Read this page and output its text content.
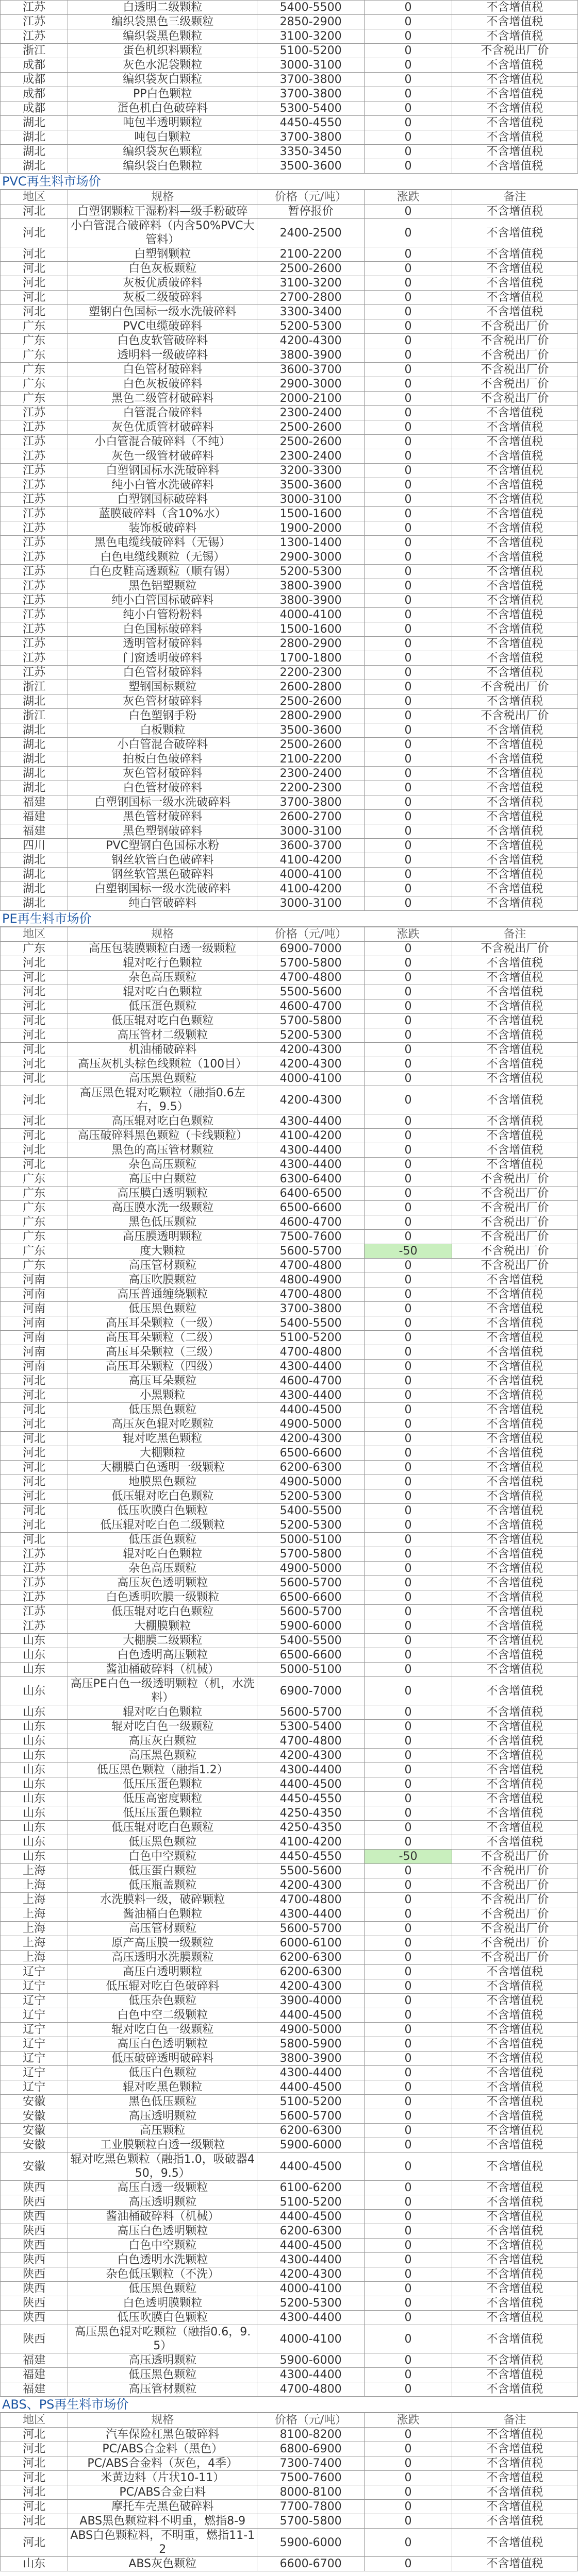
江苏	白透明二级颗粒	5400-5500	0	不含增值税
江苏	编织袋黑色三级颗粒	2850-2900	0	不含增值税
江苏	编织袋黑色颗粒	3100-3200	0	不含增值税
浙江	蛋色机织料颗粒	5100-5200	0	不含税出厂价
成都	灰色水泥袋颗粒	3000-3100	0	不含增值税
成都	编织袋灰白颗粒	3700-3800	0	不含增值税
成都	PP白色颗粒	3700-3800	0	不含增值税
成都	蛋色机白色破碎料	5300-5400	0	不含增值税
湖北	吨包半透明颗粒	4450-4550	0	不含增值税
湖北	吨包白颗粒	3700-3800	0	不含增值税
湖北	编织袋灰色颗粒	3350-3450	0	不含增值税
湖北	编织袋白色颗粒	3500-3600	0	不含增值税
PVC再生料市场价
地区	规格	价格（元/吨）	涨跌	备注
河北	白塑钢颗粒干湿粉料—级手粉破碎	暂停报价	0	不含增值税
河北	小白管混合破碎料（内含50%PVC大管料）	2400-2500	0	不含增值税
河北	白塑钢颗粒	2100-2200	0	不含增值税
河北	白色灰板颗粒	2500-2600	0	不含增值税
河北	灰板优质破碎料	3100-3200	0	不含增值税
河北	灰板二级破碎料	2700-2800	0	不含增值税
河北	塑钢白色国标一级水洗破碎料	3300-3400	0	不含增值税
广东	PVC电缆破碎料	5200-5300	0	不含税出厂价
广东	白色皮软管破碎料	4200-4300	0	不含税出厂价
广东	透明料一级破碎料	3800-3900	0	不含税出厂价
广东	白色管材破碎料	3600-3700	0	不含税出厂价
广东	白色灰板破碎料	2900-3000	0	不含税出厂价
广东	黑色二级管材破碎料	2000-2100	0	不含税出厂价
江苏	白管混合破碎料	2300-2400	0	不含增值税
江苏	灰色优质管材破碎料	2500-2600	0	不含增值税
江苏	小白管混合破碎料（不纯）	2500-2600	0	不含增值税
江苏	灰色一级管材破碎料	2300-2400	0	不含增值税
江苏	白塑钢国标水洗破碎料	3200-3300	0	不含增值税
江苏	纯小白管水洗破碎料	3500-3600	0	不含增值税
江苏	白塑钢国标破碎料	3000-3100	0	不含增值税
江苏	蓝膜破碎料（含10%水）	1500-1600	0	不含增值税
江苏	装饰板破碎料	1900-2000	0	不含增值税
江苏	黑色电缆线破碎料（无锡）	1300-1400	0	不含增值税
江苏	白色电缆线颗粒（无锡）	2900-3000	0	不含增值税
江苏	白色皮鞋高透颗粒（顺有锡）	5200-5300	0	不含增值税
江苏	黑色铝塑颗粒	3800-3900	0	不含增值税
江苏	纯小白管国标破碎料	3800-3900	0	不含增值税
江苏	纯小白管粉粉料	4000-4100	0	不含增值税
江苏	白色国标破碎料	1500-1600	0	不含增值税
江苏	透明管材破碎料	2800-2900	0	不含增值税
江苏	门窗透明破碎料	1700-1800	0	不含增值税
江苏	白色管材破碎料	2200-2300	0	不含增值税
浙江	塑钢国标颗粒	2600-2800	0	不含税出厂价
湖北	灰色管材破碎料	2500-2600	0	不含增值税
浙江	白色塑钢手粉	2800-2900	0	不含税出厂价
湖北	白板颗粒	3500-3600	0	不含增值税
湖北	小白管混合破碎料	2500-2600	0	不含增值税
湖北	拍板白色破碎料	2100-2200	0	不含增值税
湖北	灰色管材破碎料	2300-2400	0	不含增值税
湖北	白色管材破碎料	2200-2300	0	不含增值税
福建	白塑钢国标一级水洗破碎料	3700-3800	0	不含增值税
福建	黑色管材破碎料	2600-2700	0	不含增值税
福建	黑色塑钢破碎料	3000-3100	0	不含增值税
四川	PVC塑钢白色国标水粉	3600-3700	0	不含增值税
湖北	钢丝软管白色破碎料	4100-4200	0	不含增值税
湖北	钢丝软管黑色破碎料	4000-4100	0	不含增值税
湖北	白塑钢国标一级水洗破碎料	4100-4200	0	不含增值税
湖北	纯白管破碎料	3000-3100	0	不含增值税
PE再生料市场价
地区	规格	价格（元/吨）	涨跌	备注
广东	高压包装膜颗粒白透一级颗粒	6900-7000	0	不含税出厂价
河北	辊对吃行色颗粒	5700-5800	0	不含增值税
河北	杂色高压颗粒	4700-4800	0	不含增值税
河北	辊对吃白色颗粒	5500-5600	0	不含增值税
河北	低压蛋色颗粒	4600-4700	0	不含增值税
河北	低压辊对吃白色颗粒	5700-5800	0	不含增值税
河北	高压管材二级颗粒	5200-5300	0	不含增值税
河北	机油桶破碎料	4200-4300	0	不含增值税
河北	高压灰机头棕色线颗粒（100目）	4200-4300	0	不含增值税
河北	高压黑色颗粒	4000-4100	0	不含增值税
河北	高压黑色辊对吃颗粒（融指0.6左右，9.5）	4200-4300	0	不含增值税
河北	高压辊对吃白色颗粒	4300-4400	0	不含增值税
河北	高压破碎料黑色颗粒（卡线颗粒）	4100-4200	0	不含增值税
河北	黑色的高压管材颗粒	4300-4400	0	不含增值税
河北	杂色高压颗粒	4300-4400	0	不含增值税
广东	高压中白颗粒	6300-6400	0	不含税出厂价
广东	高压膜白透明颗粒	6400-6500	0	不含税出厂价
广东	高压膜水洗一级颗粒	6500-6600	0	不含税出厂价
广东	黑色低压颗粒	4600-4700	0	不含税出厂价
广东	高压膜透明颗粒	7500-7600	0	不含税出厂价
广东	度大颗粒	5600-5700	-50	不含税出厂价
广东	高压管材颗粒	4700-4800	0	不含税出厂价
河南	高压吹膜颗粒	4800-4900	0	不含增值税
河南	高压普通缠绕颗粒	4700-4800	0	不含增值税
河南	低压黑色颗粒	3700-3800	0	不含增值税
河南	高压耳朵颗粒（一级）	5400-5500	0	不含增值税
河南	高压耳朵颗粒（二级）	5100-5200	0	不含增值税
河南	高压耳朵颗粒（三级）	4700-4800	0	不含增值税
河南	高压耳朵颗粒（四级）	4300-4400	0	不含增值税
河北	高压耳朵颗粒	4600-4700	0	不含增值税
河北	小黑颗粒	4300-4400	0	不含增值税
河北	低压黑色颗粒	4400-4500	0	不含增值税
河北	高压灰色辊对吃颗粒	4900-5000	0	不含增值税
河北	辊对吃黑色颗粒	4200-4300	0	不含增值税
河北	大棚颗粒	6500-6600	0	不含增值税
河北	大棚膜白色透明一级颗粒	6200-6300	0	不含增值税
河北	地膜黑色颗粒	4900-5000	0	不含增值税
河北	低压辊对吃白色颗粒	5200-5300	0	不含增值税
河北	低压吹膜白色颗粒	5400-5500	0	不含增值税
河北	低压辊对吃白色二级颗粒	5200-5300	0	不含增值税
河北	低压蛋色颗粒	5000-5100	0	不含增值税
江苏	辊对吃白色颗粒	5700-5800	0	不含增值税
江苏	杂色高压颗粒	4900-5000	0	不含增值税
江苏	高压灰色透明颗粒	5600-5700	0	不含增值税
江苏	白色透明吹膜一级颗粒	6500-6600	0	不含增值税
江苏	低压辊对吃白色颗粒	5600-5700	0	不含增值税
江苏	大棚膜颗粒	5900-6000	0	不含增值税
山东	大棚膜二级颗粒	5400-5500	0	不含增值税
山东	白色透明高压颗粒	6500-6600	0	不含增值税
山东	酱油桶破碎料（机械）	5000-5100	0	不含增值税
山东	高压PE白色一级透明颗粒（机，水洗料）	6900-7000	0	不含增值税
山东	辊对吃白色颗粒	5600-5700	0	不含增值税
山东	辊对吃白色一级颗粒	5300-5400	0	不含增值税
山东	高压灰白颗粒	4700-4800	0	不含增值税
山东	高压黑色颗粒	4200-4300	0	不含增值税
山东	低压黑色颗粒（融指1.2）	4300-4400	0	不含增值税
山东	低压压蛋色颗粒	4400-4500	0	不含增值税
山东	低压高密度颗粒	4450-4550	0	不含增值税
山东	低压压蛋色颗粒	4250-4350	0	不含增值税
山东	低压辊对吃白色颗粒	4250-4350	0	不含增值税
山东	低压黑色颗粒	4100-4200	0	不含增值税
山东	白色中空颗粒	4450-4550	-50	不含税出厂价
上海	低压蛋白颗粒	5500-5600	0	不含税出厂价
上海	低压瓶盖颗粒	4200-4300	0	不含税出厂价
上海	水洗膜料一级，破碎颗粒	4700-4800	0	不含税出厂价
上海	酱油桶白色颗粒	4300-4400	0	不含税出厂价
上海	高压管材颗粒	5600-5700	0	不含税出厂价
上海	原产高压膜一级颗粒	6000-6100	0	不含税出厂价
上海	高压透明水洗膜颗粒	6200-6300	0	不含税出厂价
辽宁	高压白透明颗粒	6200-6300	0	不含增值税
辽宁	低压辊对吃白色破碎料	4200-4300	0	不含增值税
辽宁	低压杂色颗粒	3900-4000	0	不含增值税
辽宁	白色中空二级颗粒	4400-4500	0	不含增值税
辽宁	辊对吃白色一级颗粒	4900-5000	0	不含增值税
辽宁	高压白色透明颗粒	5800-5900	0	不含增值税
辽宁	低压破碎透明破碎料	3800-3900	0	不含增值税
辽宁	低压白色颗粒	4300-4400	0	不含增值税
辽宁	辊对吃黑色颗粒	4400-4500	0	不含增值税
安徽	黑色低压颗粒	5100-5200	0	不含增值税
安徽	高压透明颗粒	5600-5700	0	不含增值税
安徽	高压颗粒	6200-6300	0	不含增值税
安徽	工业膜颗粒白透一级颗粒	5900-6000	0	不含增值税
安徽	辊对吃黑色颗粒（融指1.0，吸破器450，9.5）	4400-4500	0	不含增值税
陕西	高压白透一级颗粒	6100-6200	0	不含增值税
陕西	高压透明颗粒	5100-5200	0	不含增值税
陕西	酱油桶破碎料（机械）	4400-4500	0	不含增值税
陕西	高压白色透明颗粒	6200-6300	0	不含增值税
陕西	白色中空颗粒	4400-4500	0	不含增值税
陕西	白色透明水洗颗粒	4300-4400	0	不含增值税
陕西	杂色低压颗粒（不洗）	4200-4300	0	不含增值税
陕西	低压黑色颗粒	4000-4100	0	不含增值税
陕西	白色透明膜颗粒	5200-5300	0	不含增值税
陕西	低压吹膜白色颗粒	4300-4400	0	不含增值税
陕西	高压黑色辊对吃颗粒（融指0.6，9.5）	4000-4100	0	不含增值税
福建	高压透明颗粒	5900-6000	0	不含增值税
福建	低压黑色颗粒	4300-4400	0	不含增值税
福建	高压管材颗粒	4700-4800	0	不含增值税
ABS、PS再生料市场价
地区	规格	价格（元/吨）	涨跌	备注
河北	汽车保险杠黑色破碎料	8100-8200	0	不含增值税
河北	PC/ABS合金料（黑色）	6800-6900	0	不含增值税
河北	PC/ABS合金料（灰色，4季）	7300-7400	0	不含增值税
河北	米黄边料（片状10-11）	7500-7600	0	不含增值税
河北	PC/ABS合金白料	8000-8100	0	不含增值税
河北	摩托车壳黑色破碎料	7700-7800	0	不含增值税
河北	ABS黑色颗粒料不明重，燃指8-9	5700-5800	0	不含增值税
河北	ABS白色颗粒料，不明重，燃指11-12	5900-6000	0	不含增值税
山东	ABS灰色颗粒	6600-6700	0	不含增值税
